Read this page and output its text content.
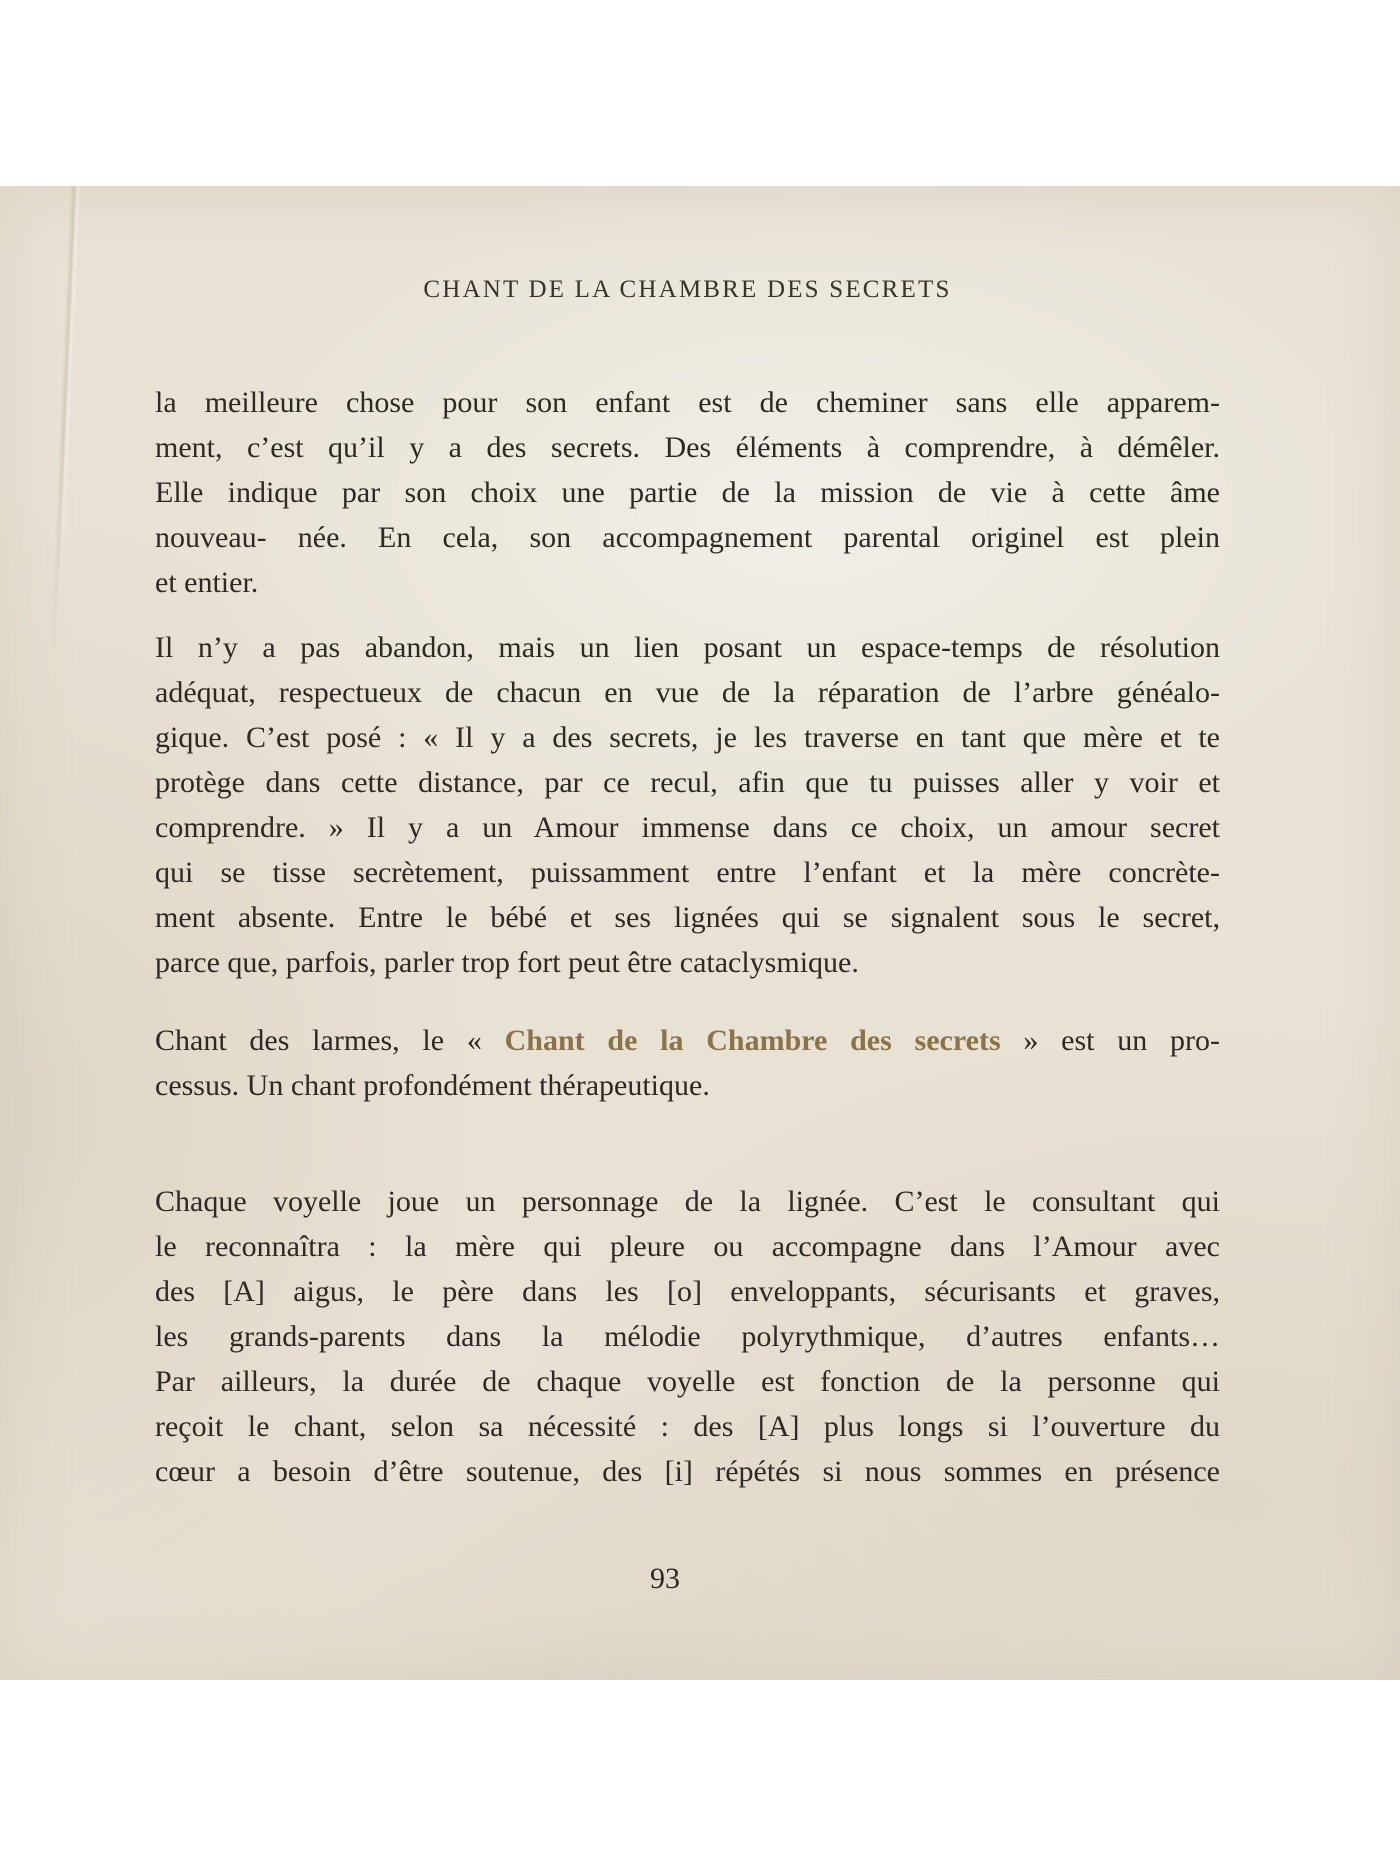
CHANT DE LA CHAMBRE DES SECRETS
la meilleure chose pour son enfant est de cheminer sans elle apparem-
ment, c’est qu’il y a des secrets. Des éléments à comprendre, à démêler.
Elle indique par son choix une partie de la mission de vie à cette âme
nouveau- née. En cela, son accompagnement parental originel est plein
et entier.
Il n’y a pas abandon, mais un lien posant un espace-temps de résolution
adéquat, respectueux de chacun en vue de la réparation de l’arbre généalo-
gique. C’est posé : « Il y a des secrets, je les traverse en tant que mère et te
protège dans cette distance, par ce recul, afin que tu puisses aller y voir et
comprendre. » Il y a un Amour immense dans ce choix, un amour secret
qui se tisse secrètement, puissamment entre l’enfant et la mère concrète-
ment absente. Entre le bébé et ses lignées qui se signalent sous le secret,
parce que, parfois, parler trop fort peut être cataclysmique.
Chant des larmes, le « Chant de la Chambre des secrets » est un pro-
cessus. Un chant profondément thérapeutique.
Chaque voyelle joue un personnage de la lignée. C’est le consultant qui
le reconnaîtra : la mère qui pleure ou accompagne dans l’Amour avec
des [A] aigus, le père dans les [o] enveloppants, sécurisants et graves,
les grands-parents dans la mélodie polyrythmique, d’autres enfants…
Par ailleurs, la durée de chaque voyelle est fonction de la personne qui
reçoit le chant, selon sa nécessité : des [A] plus longs si l’ouverture du
cœur a besoin d’être soutenue, des [i] répétés si nous sommes en présence
93
